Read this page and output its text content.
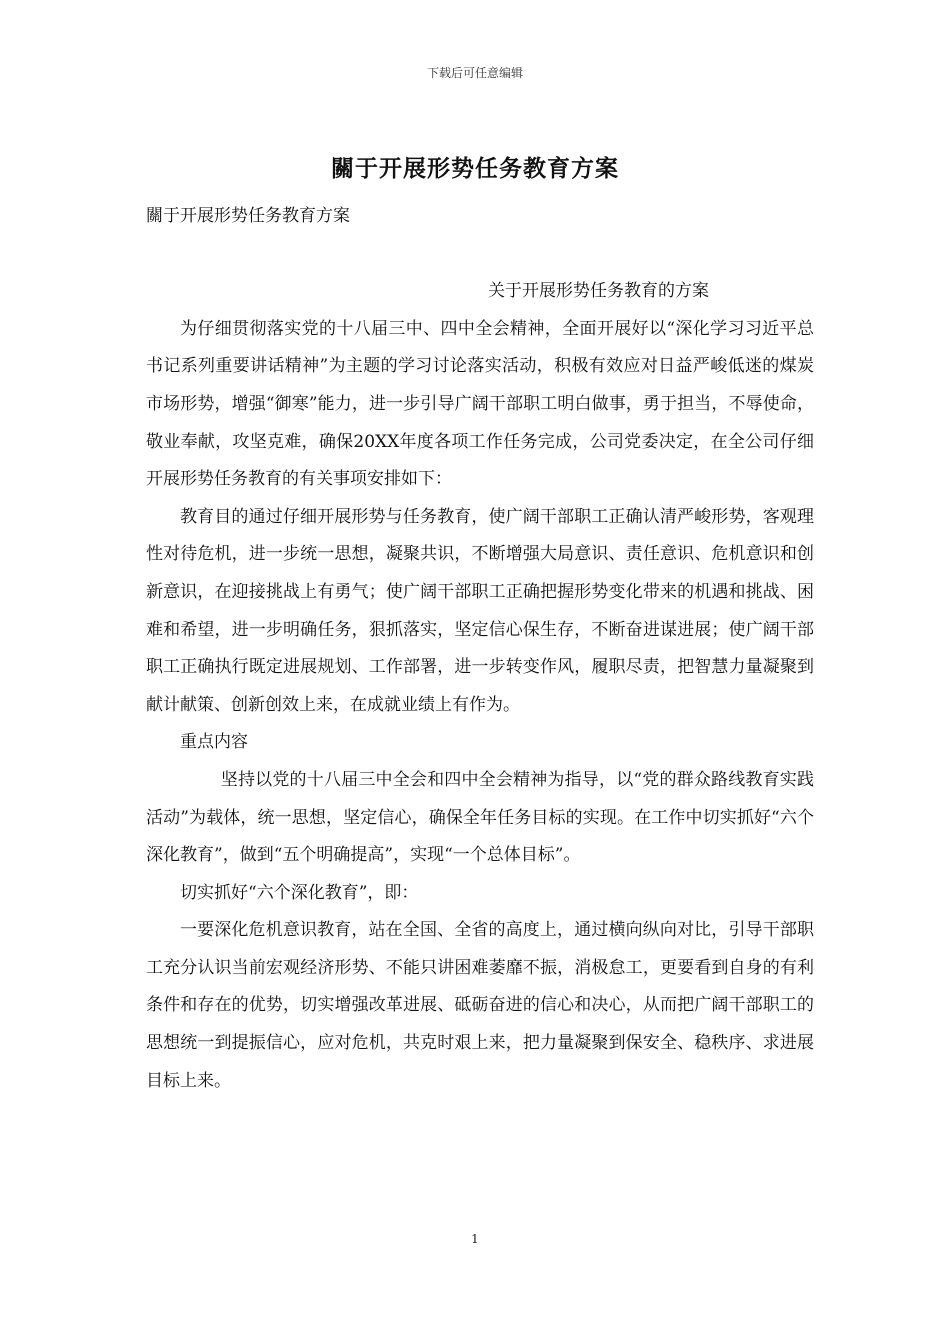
下载后可任意编辑
關于开展形势任务教育方案

關于开展形势任务教育方案

关于开展形势任务教育的方案

为仔细贯彻落实党的十八届三中、四中全会精神，全面开展好以“深化学习习近平总书记系列重要讲话精神”为主题的学习讨论落实活动，积极有效应对日益严峻低迷的煤炭市场形势，增强“御寒”能力，进一步引导广阔干部职工明白做事，勇于担当，不辱使命，敬业奉献，攻坚克难，确保20XX年度各项工作任务完成，公司党委决定，在全公司仔细开展形势任务教育的有关事项安排如下：

教育目的通过仔细开展形势与任务教育，使广阔干部职工正确认清严峻形势，客观理性对待危机，进一步统一思想，凝聚共识，不断增强大局意识、责任意识、危机意识和创新意识，在迎接挑战上有勇气；使广阔干部职工正确把握形势变化带来的机遇和挑战、困难和希望，进一步明确任务，狠抓落实，坚定信心保生存，不断奋进谋进展；使广阔干部职工正确执行既定进展规划、工作部署，进一步转变作风，履职尽责，把智慧力量凝聚到献计献策、创新创效上来，在成就业绩上有作为。

重点内容

坚持以党的十八届三中全会和四中全会精神为指导，以“党的群众路线教育实践活动”为载体，统一思想，坚定信心，确保全年任务目标的实现。在工作中切实抓好“六个深化教育”，做到“五个明确提高”，实现“一个总体目标”。

切实抓好“六个深化教育”，即：

一要深化危机意识教育，站在全国、全省的高度上，通过横向纵向对比，引导干部职工充分认识当前宏观经济形势、不能只讲困难萎靡不振，消极怠工，更要看到自身的有利条件和存在的优势，切实增强改革进展、砥砺奋进的信心和决心，从而把广阔干部职工的思想统一到提振信心，应对危机，共克时艰上来，把力量凝聚到保安全、稳秩序、求进展目标上来。

1
